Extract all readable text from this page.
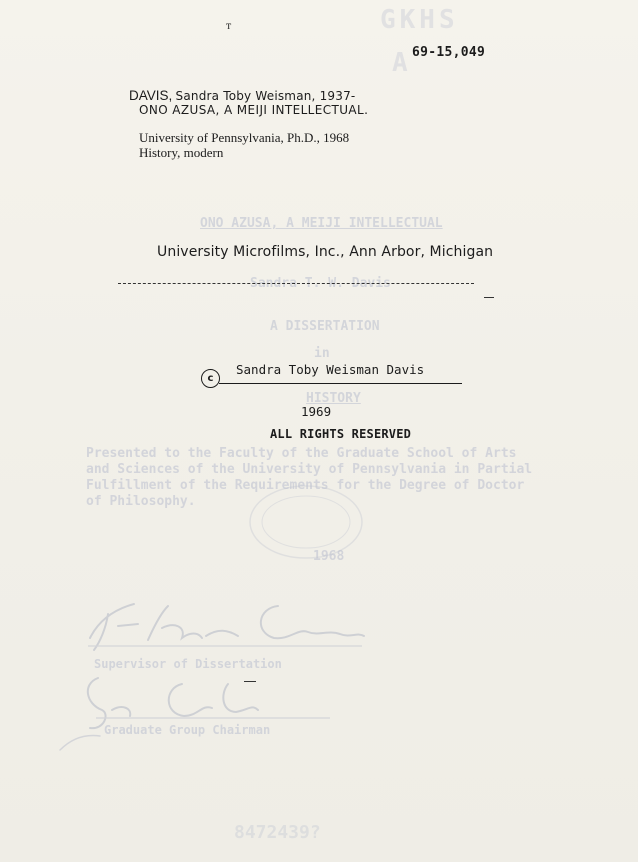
GKHS
A
ONO AZUSA, A MEIJI INTELLECTUAL
Sandra T. W. Davis
A DISSERTATION
in
HISTORY
Presented to the Faculty of the Graduate School of Arts
and Sciences of the University of Pennsylvania in Partial
Fulfillment of the Requirements for the Degree of Doctor
of Philosophy.
1968
Supervisor of Dissertation
Graduate Group Chairman
8472439?
т
69-15,049
DAVIS, Sandra Toby Weisman, 1937-
ONO AZUSA, A MEIJI INTELLECTUAL.
University of Pennsylvania, Ph.D., 1968
History, modern
University Microfilms, Inc., Ann Arbor, Michigan
c
Sandra Toby Weisman Davis
1969
ALL RIGHTS RESERVED
